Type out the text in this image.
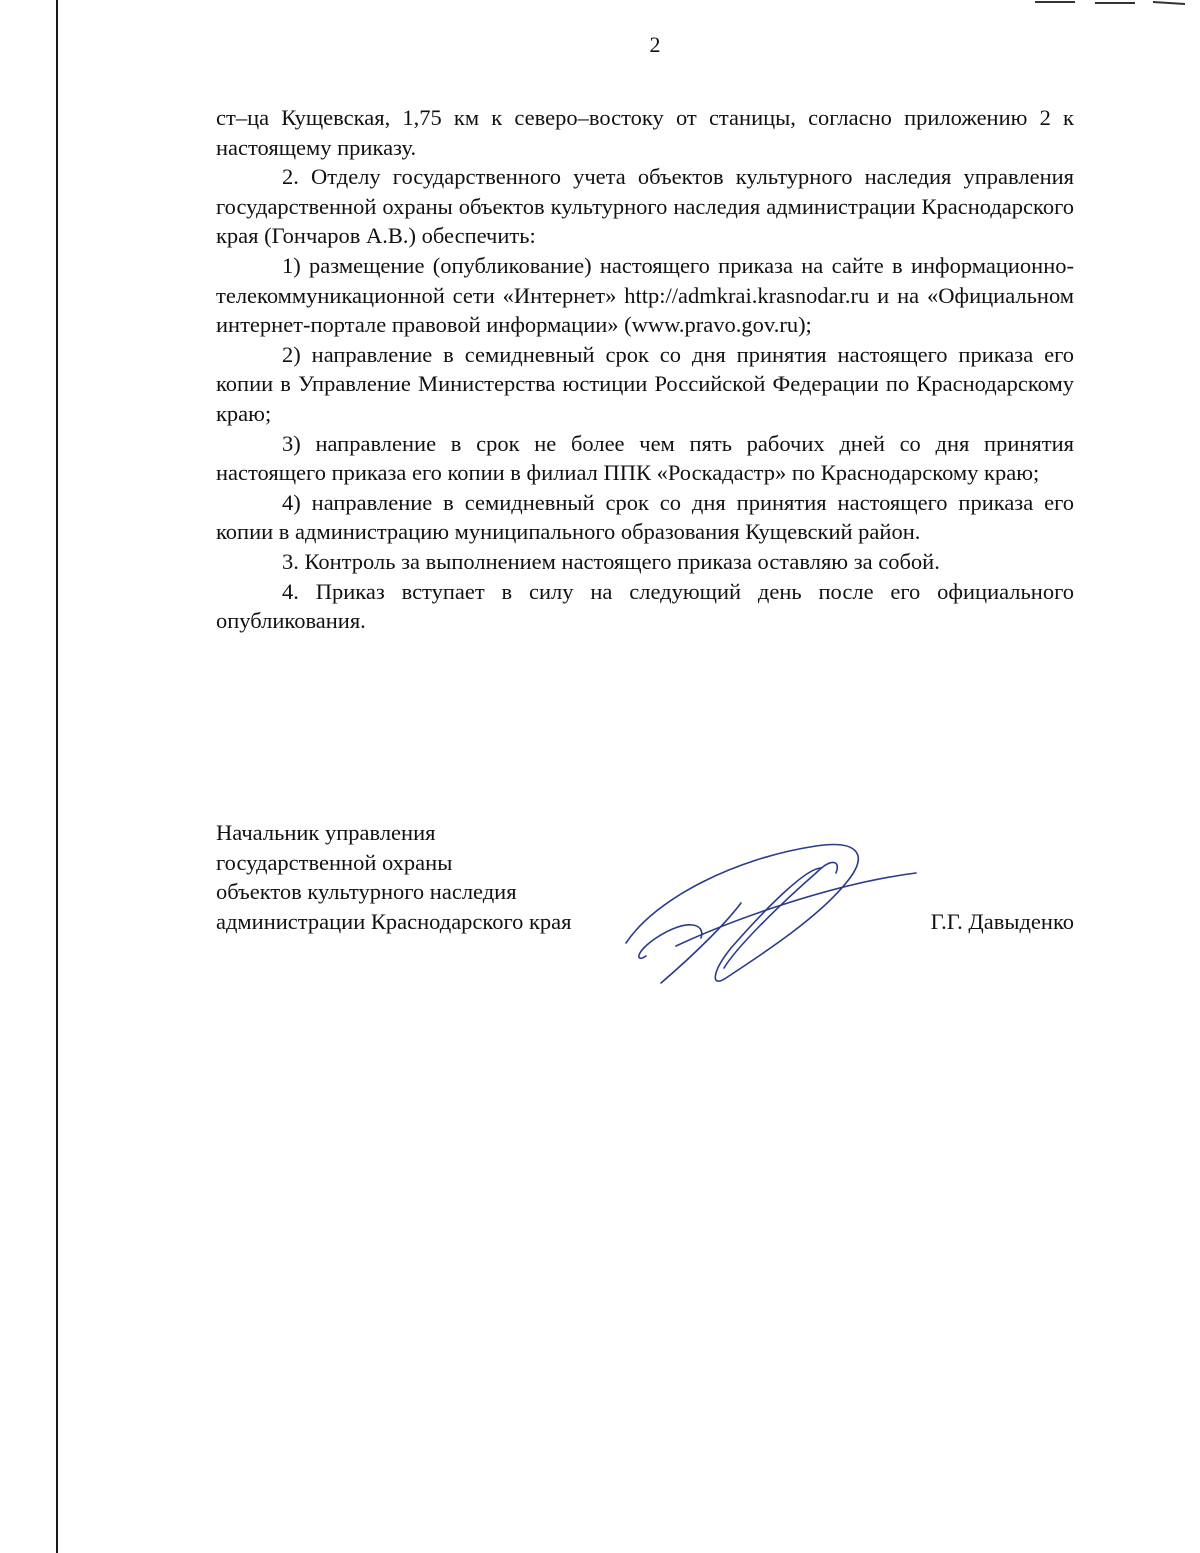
2

ст–ца Кущевская, 1,75 км к северо–востоку от станицы, согласно приложению 2 к настоящему приказу.

2. Отделу государственного учета объектов культурного наследия управления государственной охраны объектов культурного наследия администрации Краснодарского края (Гончаров А.В.) обеспечить:

1) размещение (опубликование) настоящего приказа на сайте в информационно-телекоммуникационной сети «Интернет» http://admkrai.krasnodar.ru и на «Официальном интернет-портале правовой информации» (www.pravo.gov.ru);

2) направление в семидневный срок со дня принятия настоящего приказа его копии в Управление Министерства юстиции Российской Федерации по Краснодарскому краю;

3) направление в срок не более чем пять рабочих дней со дня принятия настоящего приказа его копии в филиал ППК «Роскадастр» по Краснодарскому краю;

4) направление в семидневный срок со дня принятия настоящего приказа его копии в администрацию муниципального образования Кущевский район.

3. Контроль за выполнением настоящего приказа оставляю за собой.

4. Приказ вступает в силу на следующий день после его официального опубликования.

Начальник управления
государственной охраны
объектов культурного наследия
администрации Краснодарского края	Г.Г. Давыденко
